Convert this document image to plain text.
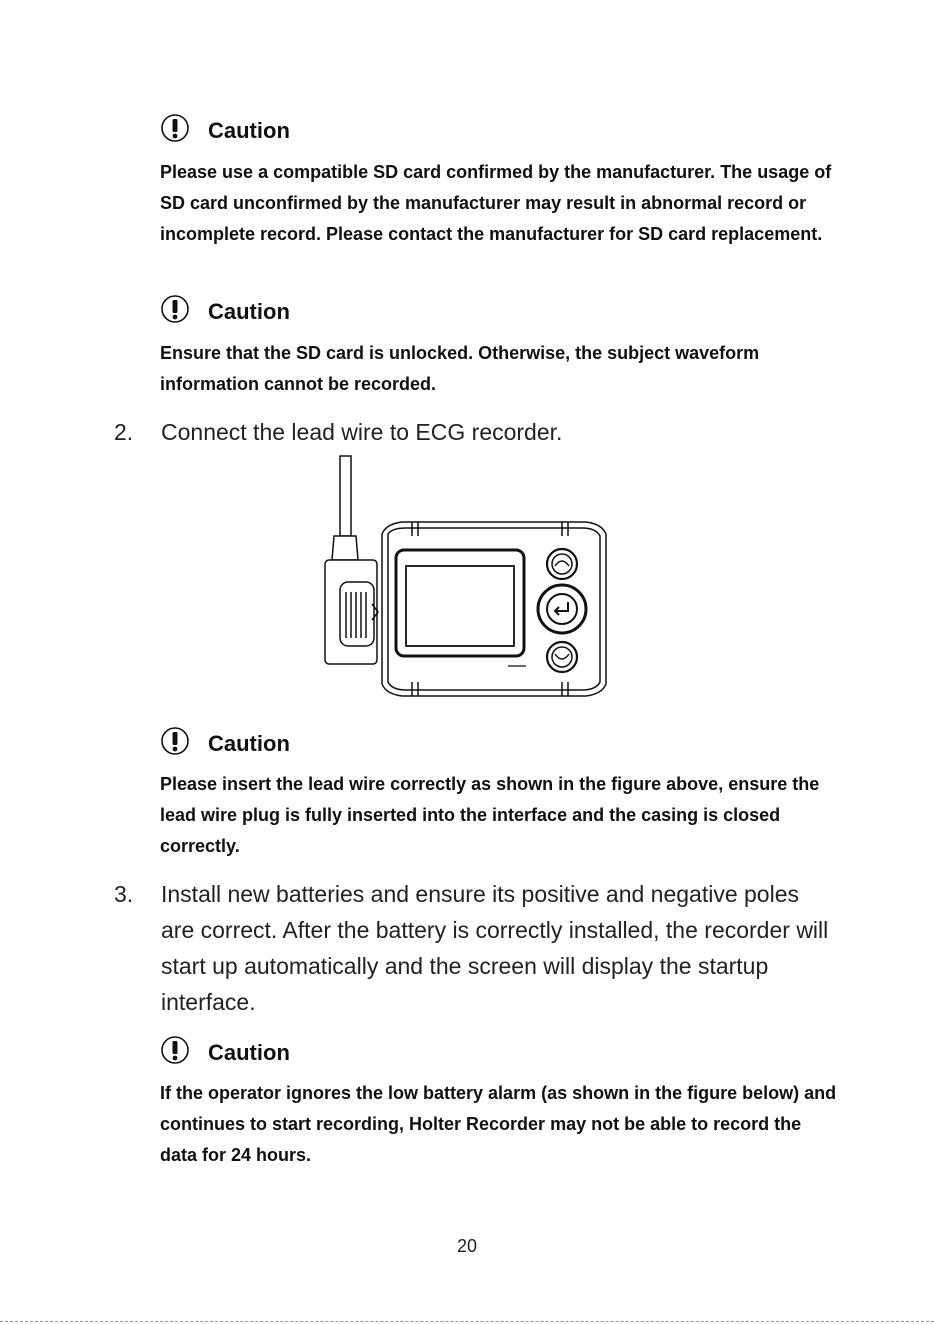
Caution

Please use a compatible SD card confirmed by the manufacturer. The usage of SD card unconfirmed by the manufacturer may result in abnormal record or incomplete record. Please contact the manufacturer for SD card replacement.

Caution

Ensure that the SD card is unlocked. Otherwise, the subject waveform information cannot be recorded.

2. Connect the lead wire to ECG recorder.
Caution

Please insert the lead wire correctly as shown in the figure above, ensure the lead wire plug is fully inserted into the interface and the casing is closed correctly.

3. Install new batteries and ensure its positive and negative poles are correct. After the battery is correctly installed, the recorder will start up automatically and the screen will display the startup interface.
Caution

If the operator ignores the low battery alarm (as shown in the figure below) and continues to start recording, Holter Recorder may not be able to record the data for 24 hours.

20
